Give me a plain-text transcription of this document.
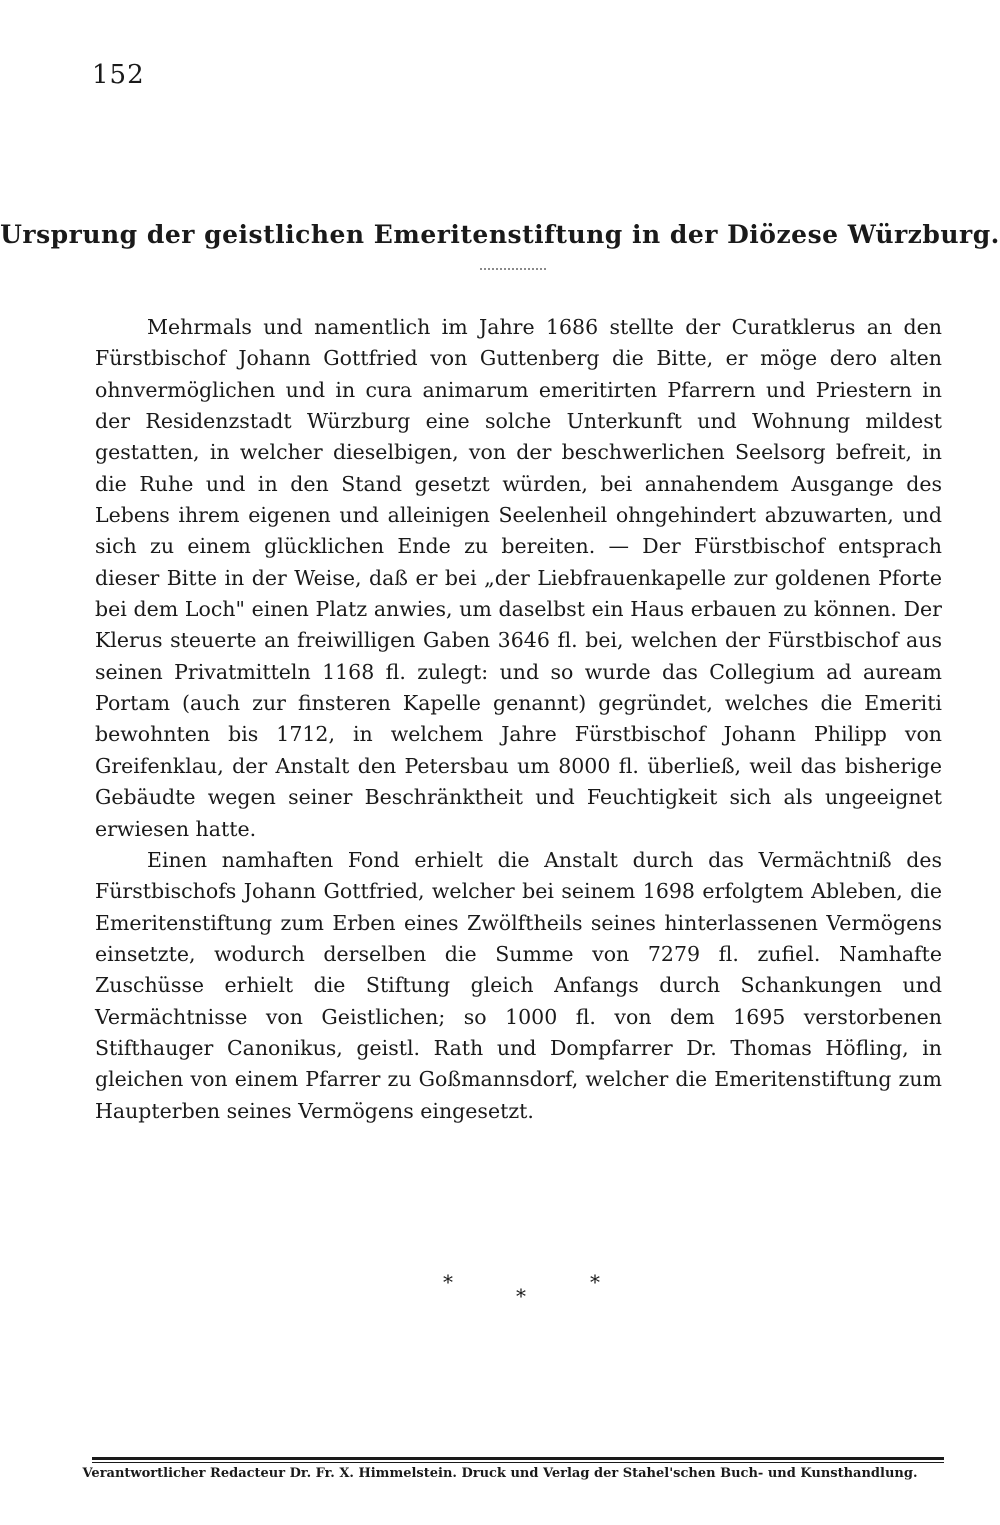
152
Ursprung der geistlichen Emeritenstiftung in der Diözese Würzburg.

Mehrmals und namentlich im Jahre 1686 stellte der Curatklerus an den Fürstbischof Johann Gottfried von Guttenberg die Bitte, er möge dero alten ohnvermöglichen und in cura animarum emeritirten Pfarrern und Priestern in der Residenzstadt Würzburg eine solche Unterkunft und Wohnung mildest gestatten, in welcher dieselbigen, von der beschwerlichen Seelsorg befreit, in die Ruhe und in den Stand gesetzt würden, bei annahendem Ausgange des Lebens ihrem eigenen und alleinigen Seelenheil ohngehindert abzuwarten, und sich zu einem glücklichen Ende zu bereiten. — Der Fürstbischof entsprach dieser Bitte in der Weise, daß er bei „der Liebfrauenkapelle zur goldenen Pforte bei dem Loch" einen Platz anwies, um daselbst ein Haus erbauen zu können. Der Klerus steuerte an freiwilligen Gaben 3646 fl. bei, welchen der Fürstbischof aus seinen Privatmitteln 1168 fl. zulegt: und so wurde das Collegium ad auream Portam (auch zur finsteren Kapelle genannt) gegründet, welches die Emeriti bewohnten bis 1712, in welchem Jahre Fürstbischof Johann Philipp von Greifenklau, der Anstalt den Petersbau um 8000 fl. überließ, weil das bisherige Gebäudte wegen seiner Beschränktheit und Feuchtigkeit sich als ungeeignet erwiesen hatte.

Einen namhaften Fond erhielt die Anstalt durch das Vermächtniß des Fürstbischofs Johann Gottfried, welcher bei seinem 1698 erfolgtem Ableben, die Emeritenstiftung zum Erben eines Zwölftheils seines hinterlassenen Vermögens einsetzte, wodurch derselben die Summe von 7279 fl. zufiel. Namhafte Zuschüsse erhielt die Stiftung gleich Anfangs durch Schankungen und Vermächtnisse von Geistlichen; so 1000 fl. von dem 1695 verstorbenen Stifthauger Canonikus, geistl. Rath und Dompfarrer Dr. Thomas Höfling, in gleichen von einem Pfarrer zu Goßmannsdorf, welcher die Emeritenstiftung zum Haupterben seines Vermögens eingesetzt.

*
*
*
Verantwortlicher Redacteur Dr. Fr. X. Himmelstein. Druck und Verlag der Stahel'schen Buch- und Kunsthandlung.
